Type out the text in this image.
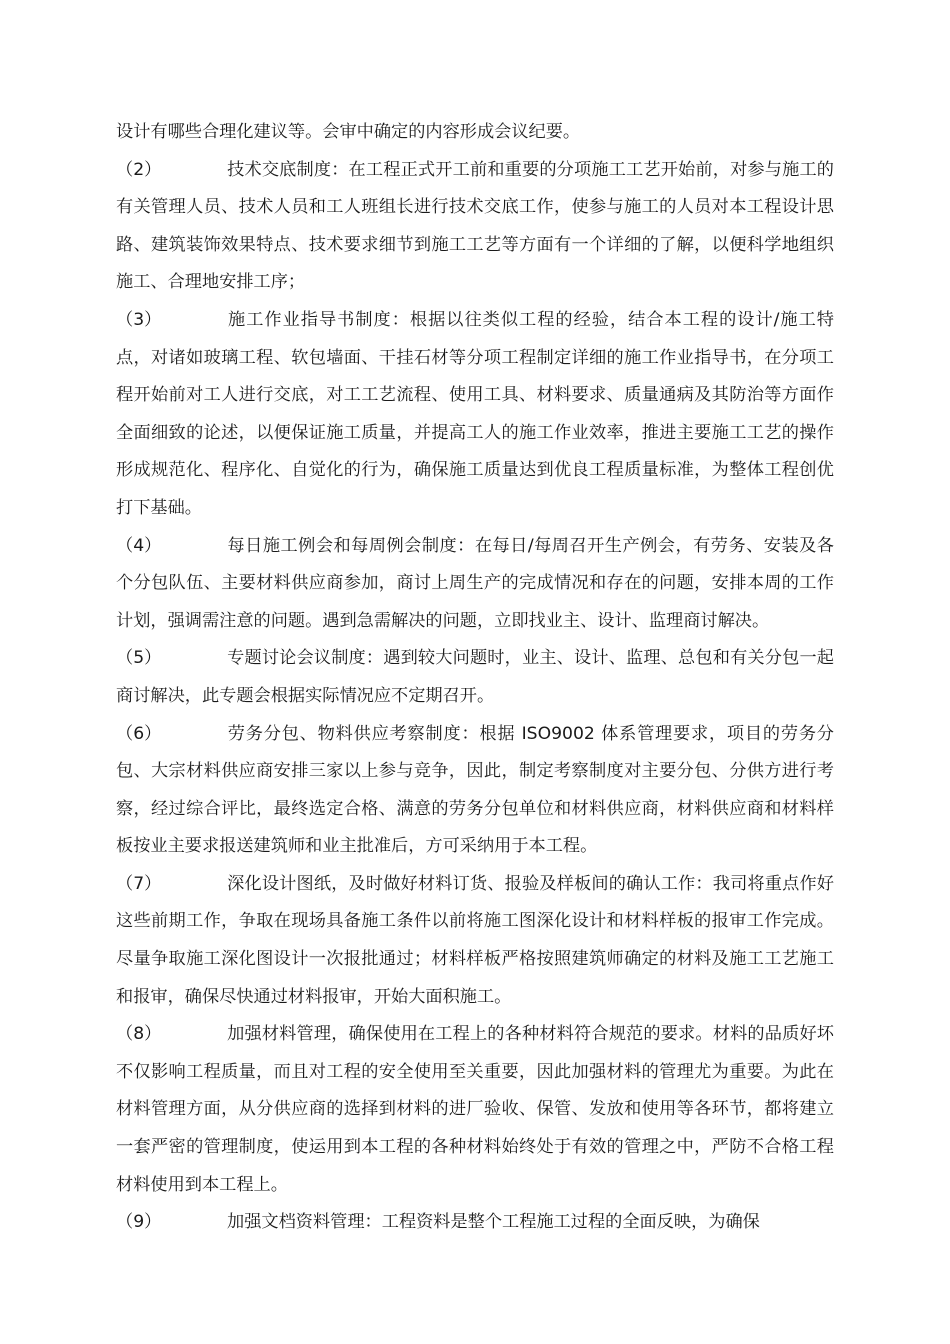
设计有哪些合理化建议等。会审中确定的内容形成会议纪要。

（2）	技术交底制度：在工程正式开工前和重要的分项施工工艺开始前，对参与施工的有关管理人员、技术人员和工人班组长进行技术交底工作，使参与施工的人员对本工程设计思路、建筑装饰效果特点、技术要求细节到施工工艺等方面有一个详细的了解，以便科学地组织施工、合理地安排工序；

（3）	施工作业指导书制度：根据以往类似工程的经验，结合本工程的设计/施工特点，对诸如玻璃工程、软包墙面、干挂石材等分项工程制定详细的施工作业指导书，在分项工程开始前对工人进行交底，对工工艺流程、使用工具、材料要求、质量通病及其防治等方面作全面细致的论述，以便保证施工质量，并提高工人的施工作业效率，推进主要施工工艺的操作形成规范化、程序化、自觉化的行为，确保施工质量达到优良工程质量标准，为整体工程创优打下基础。

（4）	每日施工例会和每周例会制度：在每日/每周召开生产例会，有劳务、安装及各个分包队伍、主要材料供应商参加，商讨上周生产的完成情况和存在的问题，安排本周的工作计划，强调需注意的问题。遇到急需解决的问题，立即找业主、设计、监理商讨解决。

（5）	专题讨论会议制度：遇到较大问题时，业主、设计、监理、总包和有关分包一起商讨解决，此专题会根据实际情况应不定期召开。

（6）	劳务分包、物料供应考察制度：根据 ISO9002 体系管理要求，项目的劳务分包、大宗材料供应商安排三家以上参与竞争，因此，制定考察制度对主要分包、分供方进行考察，经过综合评比，最终选定合格、满意的劳务分包单位和材料供应商，材料供应商和材料样板按业主要求报送建筑师和业主批准后，方可采纳用于本工程。

（7）	深化设计图纸，及时做好材料订货、报验及样板间的确认工作：我司将重点作好这些前期工作，争取在现场具备施工条件以前将施工图深化设计和材料样板的报审工作完成。尽量争取施工深化图设计一次报批通过；材料样板严格按照建筑师确定的材料及施工工艺施工和报审，确保尽快通过材料报审，开始大面积施工。

（8）	加强材料管理，确保使用在工程上的各种材料符合规范的要求。材料的品质好坏不仅影响工程质量，而且对工程的安全使用至关重要，因此加强材料的管理尤为重要。为此在材料管理方面，从分供应商的选择到材料的进厂验收、保管、发放和使用等各环节，都将建立一套严密的管理制度，使运用到本工程的各种材料始终处于有效的管理之中，严防不合格工程材料使用到本工程上。

（9）	加强文档资料管理：工程资料是整个工程施工过程的全面反映，为确保
